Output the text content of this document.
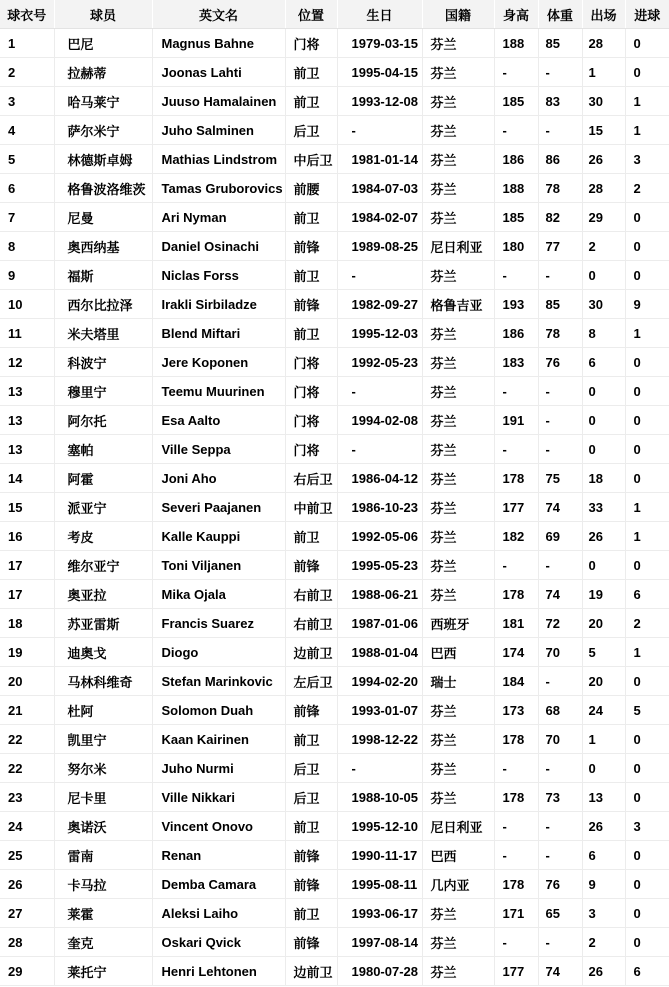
球衣号	球员	英文名	位置	生日	国籍	身高	体重	出场	进球
1	巴尼	Magnus Bahne	门将	1979-03-15	芬兰	188	85	28	0
2	拉赫蒂	Joonas Lahti	前卫	1995-04-15	芬兰	-	-	1	0
3	哈马莱宁	Juuso Hamalainen	前卫	1993-12-08	芬兰	185	83	30	1
4	萨尔米宁	Juho Salminen	后卫	-	芬兰	-	-	15	1
5	林德斯卓姆	Mathias Lindstrom	中后卫	1981-01-14	芬兰	186	86	26	3
6	格鲁波洛维茨	Tamas Gruborovics	前腰	1984-07-03	芬兰	188	78	28	2
7	尼曼	Ari Nyman	前卫	1984-02-07	芬兰	185	82	29	0
8	奥西纳基	Daniel Osinachi	前锋	1989-08-25	尼日利亚	180	77	2	0
9	福斯	Niclas Forss	前卫	-	芬兰	-	-	0	0
10	西尔比拉泽	Irakli Sirbiladze	前锋	1982-09-27	格鲁吉亚	193	85	30	9
11	米夫塔里	Blend Miftari	前卫	1995-12-03	芬兰	186	78	8	1
12	科波宁	Jere Koponen	门将	1992-05-23	芬兰	183	76	6	0
13	穆里宁	Teemu Muurinen	门将	-	芬兰	-	-	0	0
13	阿尔托	Esa Aalto	门将	1994-02-08	芬兰	191	-	0	0
13	塞帕	Ville Seppa	门将	-	芬兰	-	-	0	0
14	阿霍	Joni Aho	右后卫	1986-04-12	芬兰	178	75	18	0
15	派亚宁	Severi Paajanen	中前卫	1986-10-23	芬兰	177	74	33	1
16	考皮	Kalle Kauppi	前卫	1992-05-06	芬兰	182	69	26	1
17	维尔亚宁	Toni Viljanen	前锋	1995-05-23	芬兰	-	-	0	0
17	奥亚拉	Mika Ojala	右前卫	1988-06-21	芬兰	178	74	19	6
18	苏亚雷斯	Francis Suarez	右前卫	1987-01-06	西班牙	181	72	20	2
19	迪奥戈	Diogo	边前卫	1988-01-04	巴西	174	70	5	1
20	马林科维奇	Stefan Marinkovic	左后卫	1994-02-20	瑞士	184	-	20	0
21	杜阿	Solomon Duah	前锋	1993-01-07	芬兰	173	68	24	5
22	凯里宁	Kaan Kairinen	前卫	1998-12-22	芬兰	178	70	1	0
22	努尔米	Juho Nurmi	后卫	-	芬兰	-	-	0	0
23	尼卡里	Ville Nikkari	后卫	1988-10-05	芬兰	178	73	13	0
24	奥诺沃	Vincent Onovo	前卫	1995-12-10	尼日利亚	-	-	26	3
25	雷南	Renan	前锋	1990-11-17	巴西	-	-	6	0
26	卡马拉	Demba Camara	前锋	1995-08-11	几内亚	178	76	9	0
27	莱霍	Aleksi Laiho	前卫	1993-06-17	芬兰	171	65	3	0
28	奎克	Oskari Qvick	前锋	1997-08-14	芬兰	-	-	2	0
29	莱托宁	Henri Lehtonen	边前卫	1980-07-28	芬兰	177	74	26	6
